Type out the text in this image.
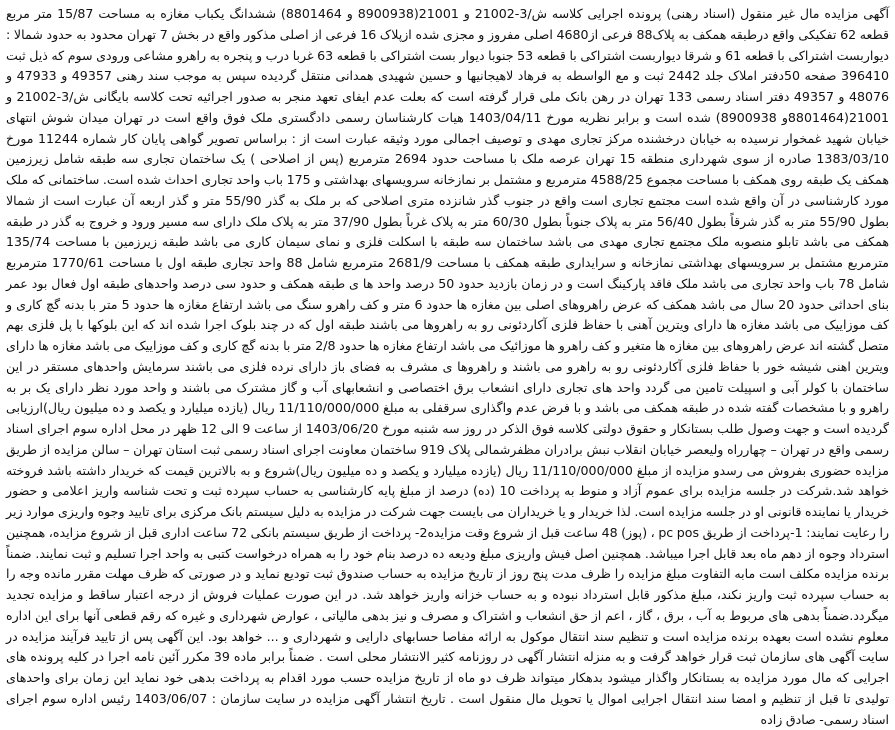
آگهی مزایده مال غیر منقول (اسناد رهنی) پرونده اجرایی کلاسه ش/3-21002 و 21001(8900938 و 8801464) ششدانگ یکباب مغازه به مساحت 15/87 متر مربع قطعه 62 تفکیکی واقع درطبقه همکف به پلاک88 فرعی از4680 اصلی مفروز و مجزی شده ازپلاک 16 فرعی از اصلی مذکور واقع در بخش 7 تهران محدود به حدود شمالا : دیواربست اشتراکی با قطعه 61 و شرقا دیواربست اشتراکی با قطعه 53 جنوبا دیوار بست اشتراکی با قطعه 63 غربا درب و پنجره به راهرو مشاعی ورودی سوم که ذیل ثبت 396410 صفحه 50دفتر املاک جلد 2442 ثبت و مع الواسطه به فرهاد لاهیجانیها و حسین شهیدی همدانی منتقل گردیده سپس به موجب سند رهنی 49357 و 47933 و 48076 و 49357 دفتر اسناد رسمی 133 تهران در رهن بانک ملی قرار گرفته است که بعلت عدم ایفای تعهد منجر به صدور اجرائیه تحت کلاسه بایگانی ش/3-21002 و 21001(8801464و 8900938) شده است و برابر نظریه مورخ 1403/04/11 هیات کارشناسان رسمی دادگستری ملک فوق واقع است در تهران میدان شوش انتهای خیابان شهید غمخوار نرسیده به خیابان درخشنده مرکز تجاری مهدی و توصیف اجمالی مورد وثیقه عبارت است از : براساس تصویر گواهی پایان کار شماره 11244 مورخ 1383/03/10 صادره از سوی شهرداری منطقه 15 تهران عرصه ملک با مساحت حدود 2694 مترمربع (پس از اصلاحی ) یک ساختمان تجاری سه طبقه شامل زیرزمین همکف یک طبقه روی همکف با مساحت مجموع 4588/25 مترمربع و مشتمل بر نمازخانه سرویسهای بهداشتی و 175 باب واحد تجاری احداث شده است. ساختمانی که ملک مورد کارشناسی در آن واقع شده است مجتمع تجاری است واقع در جنوب گذر شانزده متری اصلاحی که بر ملک به گذر 55/90 متر و گذر اربعه آن عبارت است از شمالا بطول 55/90 متر به گذر شرقاً بطول 56/40 متر به پلاک جنوباً بطول 60/30 متر به پلاک غرباً بطول 37/90 متر به پلاک ملک دارای سه مسیر ورود و خروج به گذر در طبقه همکف می باشد تابلو منصوبه ملک مجتمع تجاری مهدی می باشد ساختمان سه طبقه با اسکلت فلزی و نمای سیمان کاری می باشد طبقه زیرزمین با مساحت 135/74 مترمربع مشتمل بر سرویسهای بهداشتی نمازخانه و سرایداری طبقه همکف با مساحت 2681/9 مترمربع شامل 88 واحد تجاری طبقه اول با مساحت 1770/61 مترمربع شامل 78 باب واحد تجاری می باشد ملک فاقد پارکینگ است و در زمان بازدید حدود 50 درصد واحد ها ی طبقه همکف و حدود سی درصد واحدهای طبقه اول فعال بود عمر بنای احداثی حدود 20 سال می باشد همکف که عرض راهروهای اصلی بین مغازه ها حدود 6 متر و کف راهرو سنگ می باشد ارتفاع مغازه ها حدود 5 متر با بدنه گچ کاری و کف موزاییک می باشد مغازه ها دارای ویترین آهنی با حفاظ فلزی آکاردئونی رو به راهروها می باشند طبقه اول که در چند بلوک اجرا شده اند که این بلوکها با پل فلزی بهم متصل گشته اند عرض راهروهای بین مغازه ها متغیر و کف راهرو ها موزائیک می باشد ارتفاع مغازه ها حدود 2/8 متر با بدنه گچ کاری و کف موزاییک می باشد مغازه ها دارای ویترین اهنی شیشه خور با حفاظ فلزی آکاردئونی رو به راهرو می باشند و راهروها ی مشرف به فضای باز دارای نرده فلزی می باشند سرمایش واحدهای مستقر در این ساختمان با کولر آبی و اسپیلت تامین می گردد واحد های تجاری دارای انشعاب برق اختصاصی و انشعابهای آب و گاز مشترک می باشند و واحد مورد نظر دارای یک بر به راهرو و با مشخصات گفته شده در طبقه همکف می باشد و با فرض عدم واگذاری سرقفلی به مبلغ 11/110/000/000 ریال (یازده میلیارد و یکصد و ده میلیون ریال)ارزیابی گردیده است و جهت وصول طلب بستانکار و حقوق دولتی کلاسه فوق الذکر در روز سه شنبه مورخ 1403/06/20 از ساعت 9 الی 12 ظهر در محل اداره سوم اجرای اسناد رسمی واقع در تهران – چهارراه ولیعصر خیابان انقلاب نبش برادران مظفرشمالی پلاک 919 ساختمان معاونت اجرای اسناد رسمی ثبت استان تهران – سالن مزایده از طریق مزایده حضوری بفروش می رسدو مزایده از مبلغ 11/110/000/000 ریال (یازده میلیارد و یکصد و ده میلیون ریال)شروع و به بالاترین قیمت که خریدار داشته باشد فروخته خواهد شد.شرکت در جلسه مزایده برای عموم آزاد و منوط به پرداخت 10 (ده) درصد از مبلغ پایه کارشناسی به حساب سپرده ثبت و تحت شناسه واریز اعلامی و حضور خریدار یا نماینده قانونی او در جلسه مزایده است. لذا خریدار و یا خریداران می بایست جهت شرکت در مزایده به دلیل سیستم بانک مرکزی برای تایید وجوه واریزی موارد زیر را رعایت نمایند: 1-پرداخت از طریق pc pos ، (پوز) 48 ساعت قبل از شروع وقت مزایده2- پرداخت از طریق سیستم بانکی 72 ساعت اداری قبل از شروع مزایده، همچنین استرداد وجوه از دهم ماه بعد قابل اجرا میباشد. همچنین اصل فیش واریزی مبلغ ودیعه ده درصد بنام خود را به همراه درخواست کتبی به واحد اجرا تسلیم و ثبت نمایند. ضمناً برنده مزایده مکلف است مابه التفاوت مبلغ مزایده را ظرف مدت پنج روز از تاریخ مزایده به حساب صندوق ثبت تودیع نماید و در صورتی که ظرف مهلت مقرر مانده وجه را به حساب سپرده ثبت واریز نکند، مبلغ مذکور قابل استرداد نبوده و به حساب خزانه واریز خواهد شد. در این صورت عملیات فروش از درجه اعتبار ساقط و مزایده تجدید میگردد.ضمناً بدهی های مربوط به آب ، برق ، گاز ، اعم از حق انشعاب و اشتراک و مصرف و نیز بدهی مالیاتی ، عوارض شهرداری و غیره که رقم قطعی آنها برای این اداره معلوم نشده است بعهده برنده مزایده است و تنظیم سند انتقال موکول به ارائه مفاصا حسابهای دارایی و شهرداری و ... خواهد بود. این آگهی پس از تایید فرآیند مزایده در سایت آگهی های سازمان ثبت قرار خواهد گرفت و به منزله انتشار آگهی در روزنامه کثیر الانتشار محلی است . ضمناً برابر ماده 39 مکرر آئین نامه اجرا در کلیه پرونده های اجرایی که مال مورد مزایده به بستانکار واگذار میشود بدهکار میتواند ظرف دو ماه از تاریخ مزایده حسب مورد اقدام به پرداخت بدهی خود نماید این زمان برای واحدهای تولیدی تا قبل از تنظیم و امضا سند انتقال اجرایی اموال یا تحویل مال منقول است . تاریخ انتشار آگهی مزایده در سایت سازمان : 1403/06/07 رئیس اداره سوم اجرای اسناد رسمی- صادق زاده
